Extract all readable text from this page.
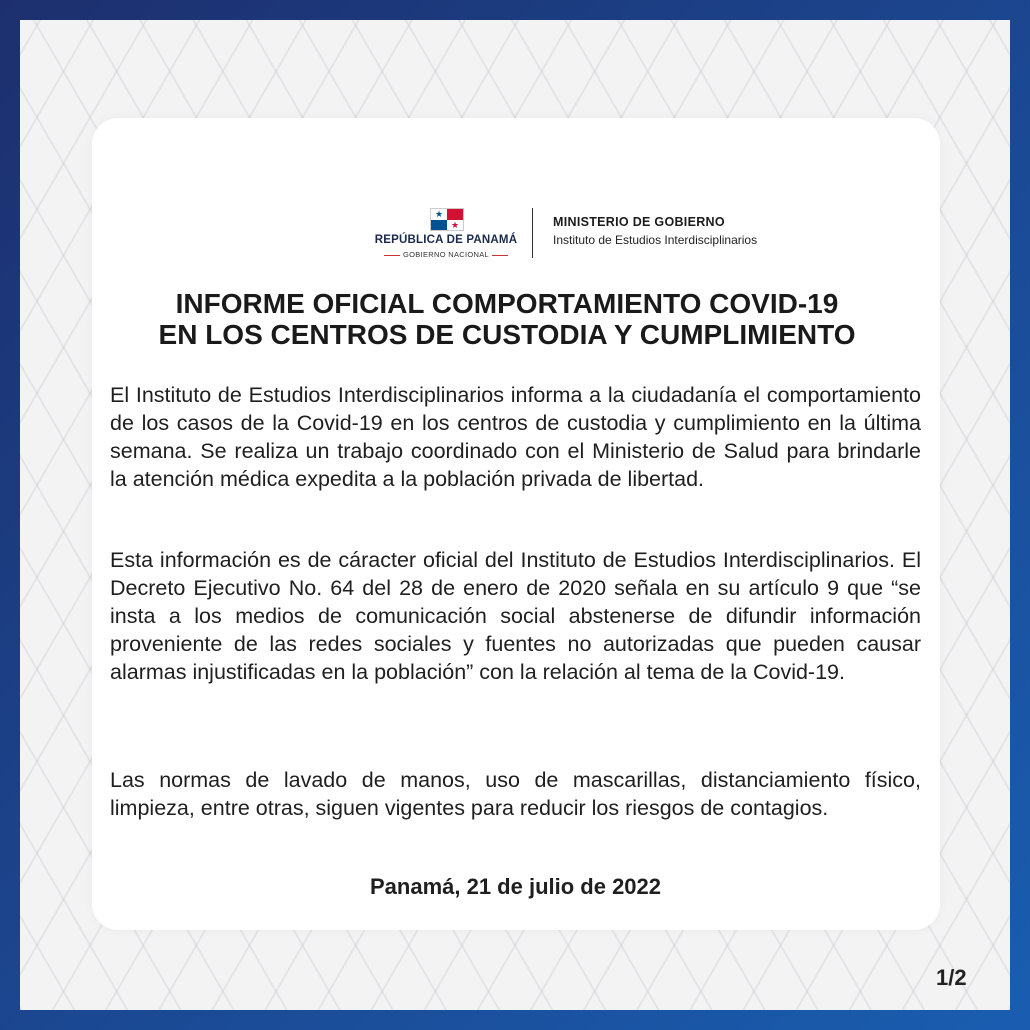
★
★
REPÚBLICA DE PANAMÁ
GOBIERNO NACIONAL
MINISTERIO DE GOBIERNO
Instituto de Estudios Interdisciplinarios
INFORME OFICIAL COMPORTAMIENTO COVID-19
EN LOS CENTROS DE CUSTODIA Y CUMPLIMIENTO

El Instituto de Estudios Interdisciplinarios informa a la ciudadanía el comportamiento de los casos de la Covid-19 en los centros de custodia y cumplimiento en la última semana. Se realiza un trabajo coordinado con el Ministerio de Salud para brindarle la atención médica expedita a la población privada de libertad.

Esta información es de cáracter oficial del Instituto de Estudios Interdisciplinarios. El Decreto Ejecutivo No. 64 del 28 de enero de 2020 señala en su artículo 9 que “se insta a los medios de comunicación social abstenerse de difundir información proveniente de las redes sociales y fuentes no autorizadas que pueden causar alarmas injustificadas en la población” con la relación al tema de la Covid-19.

Las normas de lavado de manos, uso de mascarillas, distanciamiento físico, limpieza, entre otras, siguen vigentes para reducir los riesgos de contagios.

Panamá, 21 de julio de 2022

1/2
